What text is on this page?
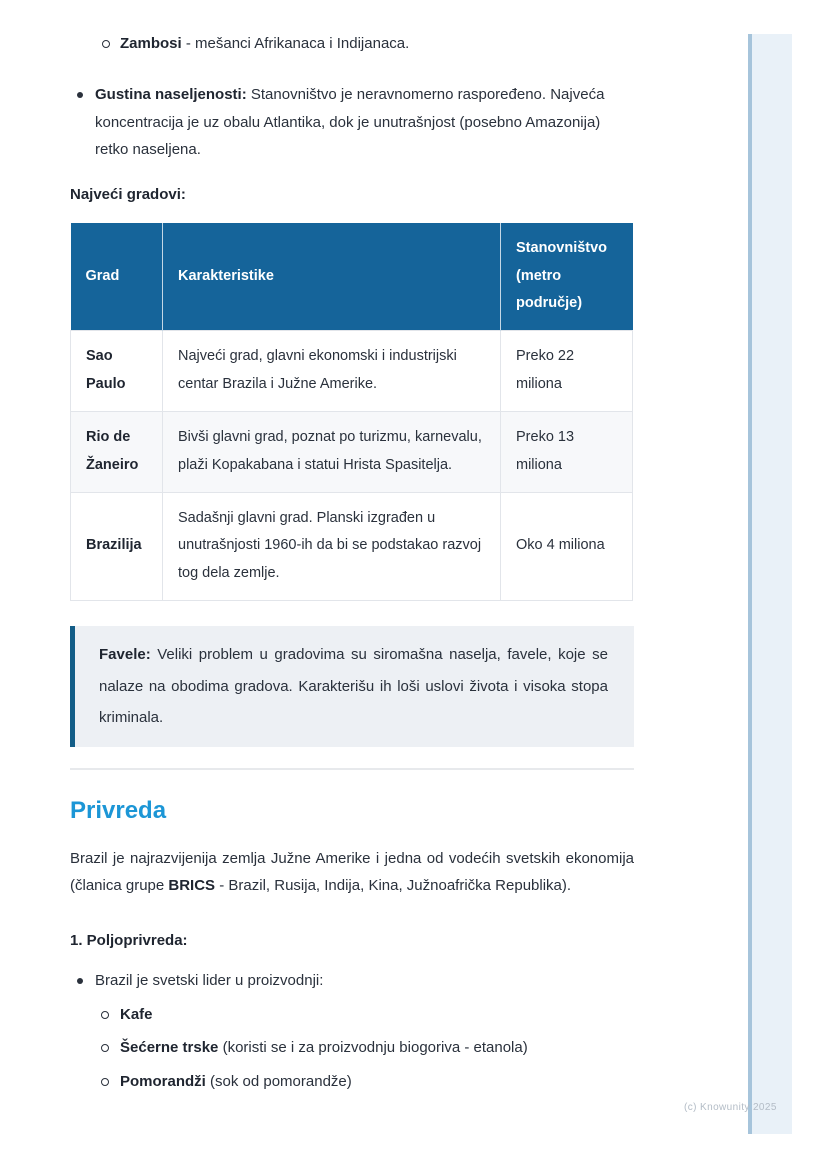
Zambosi - mešanci Afrikanaca i Indijanaca.
Gustina naseljenosti: Stanovništvo je neravnomerno raspoređeno. Najveća koncentracija je uz obalu Atlantika, dok je unutrašnjost (posebno Amazonija) retko naseljena.

Najveći gradovi:

Grad	Karakteristike	Stanovništvo (metro područje)
Sao Paulo	Najveći grad, glavni ekonomski i industrijski centar Brazila i Južne Amerike.	Preko 22 miliona
Rio de Žaneiro	Bivši glavni grad, poznat po turizmu, karnevalu, plaži Kopakabana i statui Hrista Spasitelja.	Preko 13 miliona
Brazilija	Sadašnji glavni grad. Planski izgrađen u unutrašnjosti 1960-ih da bi se podstakao razvoj tog dela zemlje.	Oko 4 miliona
Favele: Veliki problem u gradovima su siromašna naselja, favele, koje se nalaze na obodima gradova. Karakterišu ih loši uslovi života i visoka stopa kriminala.
Privreda

Brazil je najrazvijenija zemlja Južne Amerike i jedna od vodećih svetskih ekonomija (članica grupe BRICS - Brazil, Rusija, Indija, Kina, Južnoafrička Republika).

1. Poljoprivreda:

Brazil je svetski lider u proizvodnji:
Kafe
Šećerne trske (koristi se i za proizvodnju biogoriva - etanola)
Pomorandži (sok od pomorandže)
(c) Knowunity 2025
